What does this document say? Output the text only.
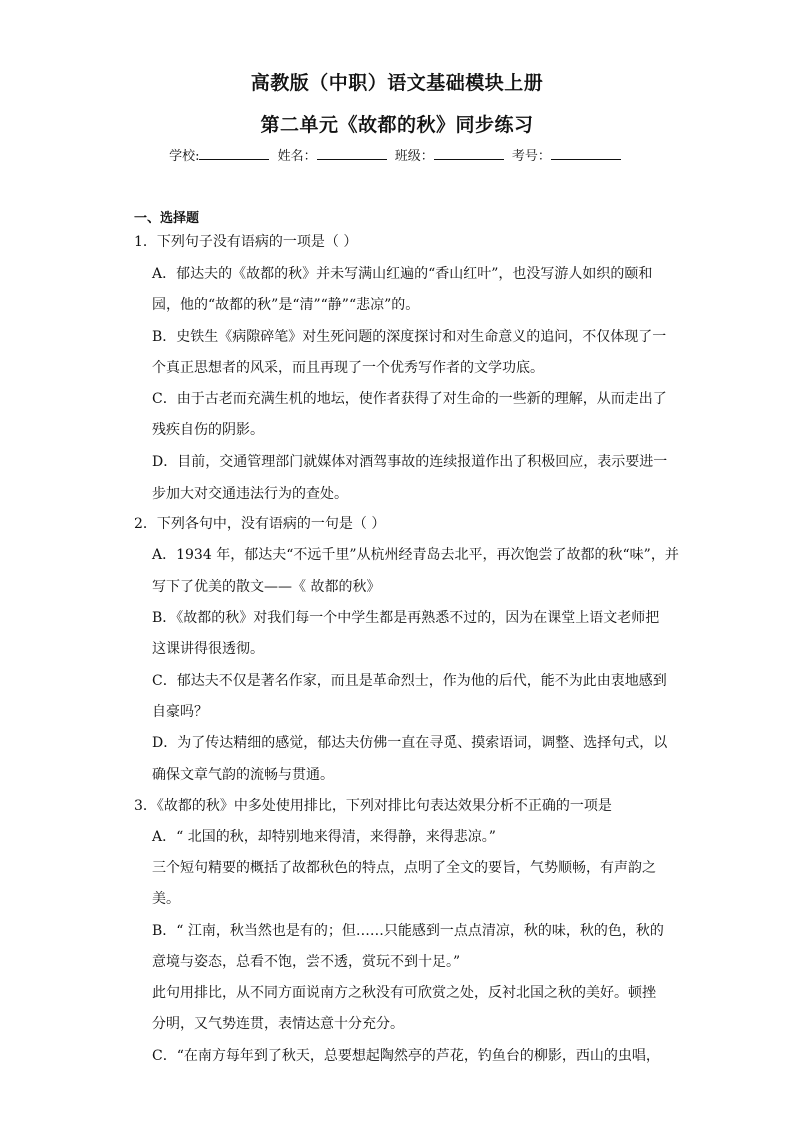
高教版（中职）语文基础模块上册
第二单元《故都的秋》同步练习
学校:	姓名：	班级：	考号：
一、选择题
1．下列句子没有语病的一项是（ ）
A．郁达夫的《故都的秋》并未写满山红遍的“香山红叶”，也没写游人如织的颐和
园，他的“故都的秋”是“清”“静”“悲凉”的。
B．史铁生《病隙碎笔》对生死问题的深度探讨和对生命意义的追问，不仅体现了一
个真正思想者的风采，而且再现了一个优秀写作者的文学功底。
C．由于古老而充满生机的地坛，使作者获得了对生命的一些新的理解，从而走出了
残疾自伤的阴影。
D．目前，交通管理部门就媒体对酒驾事故的连续报道作出了积极回应，表示要进一
步加大对交通违法行为的查处。
2．下列各句中，没有语病的一句是（ ）
A．1934 年，郁达夫“不远千里”从杭州经青岛去北平，再次饱尝了故都的秋“味”，并
写下了优美的散文——《 故都的秋》
B．《故都的秋》对我们每一个中学生都是再熟悉不过的，因为在课堂上语文老师把
这课讲得很透彻。
C．郁达夫不仅是著名作家，而且是革命烈士，作为他的后代，能不为此由衷地感到
自豪吗？
D．为了传达精细的感觉，郁达夫仿佛一直在寻觅、摸索语词，调整、选择句式，以
确保文章气韵的流畅与贯通。
3．《故都的秋》中多处使用排比，下列对排比句表达效果分析不正确的一项是
A．“ 北国的秋，却特别地来得清，来得静，来得悲凉。”
三个短句精要的概括了故都秋色的特点，点明了全文的要旨，气势顺畅，有声韵之
美。
B．“ 江南，秋当然也是有的；但……只能感到一点点清凉，秋的味，秋的色，秋的
意境与姿态，总看不饱，尝不透，赏玩不到十足。”
此句用排比，从不同方面说南方之秋没有可欣赏之处，反衬北国之秋的美好。顿挫
分明，又气势连贯，表情达意十分充分。
C．“在南方每年到了秋天，总要想起陶然亭的芦花，钓鱼台的柳影，西山的虫唱，
